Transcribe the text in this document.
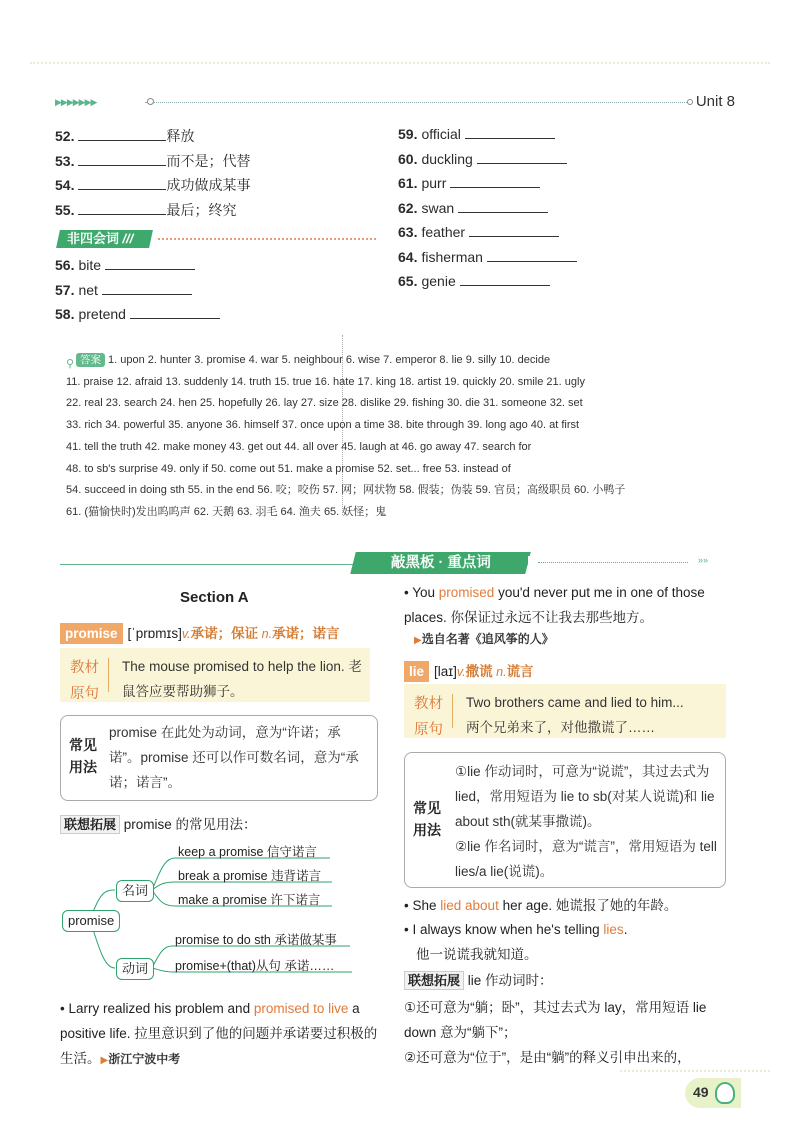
▶▶▶▶▶▶▶	Unit 8
52.	释放
53.	而不是；代替
54.	成功做成某事
55.	最后；终究
非四会词 ///
56. bite
57. net
58. pretend
59. official
60. duckling
61. purr
62. swan
63. feather
64. fisherman
65. genie
⚲ 答案 1. upon 2. hunter 3. promise 4. war 5. neighbour 6. wise 7. emperor 8. lie 9. silly 10. decide
11. praise 12. afraid 13. suddenly 14. truth 15. true 16. hate 17. king 18. artist 19. quickly 20. smile 21. ugly
22. real 23. search 24. hen 25. hopefully 26. lay 27. size 28. dislike 29. fishing 30. die 31. someone 32. set
33. rich 34. powerful 35. anyone 36. himself 37. once upon a time 38. bite through 39. long ago 40. at first
41. tell the truth 42. make money 43. get out 44. all over 45. laugh at 46. go away 47. search for
48. to sb's surprise 49. only if 50. come out 51. make a promise 52. set... free 53. instead of
54. succeed in doing sth 55. in the end 56. 咬；咬伤 57. 网；网状物 58. 假装；伪装 59. 官员；高级职员 60. 小鸭子
61. (猫愉快时)发出呜呜声 62. 天鹅 63. 羽毛 64. 渔夫 65. 妖怪；鬼
敲黑板 · 重点词	»»
Section A
promise [ˈprɒmɪs]v.承诺；保证 n.承诺；诺言
教材原句
The mouse promised to help the lion. 老鼠答应要帮助狮子。
常见用法
promise 在此处为动词，意为“许诺；承诺”。promise 还可以作可数名词，意为“承诺；诺言”。
联想拓展 promise 的常见用法：
promise
名词
动词
keep a promise 信守诺言
break a promise 违背诺言
make a promise 许下诺言
promise to do sth 承诺做某事
promise+(that)从句 承诺……
• Larry realized his problem and promised to live a positive life. 拉里意识到了他的问题并承诺要过积极的生活。▶浙江宁波中考
• You promised you'd never put me in one of those places. 你保证过永远不让我去那些地方。
▶选自名著《追风筝的人》
lie [laɪ]v.撒谎 n.谎言
教材原句
Two brothers came and lied to him...
两个兄弟来了，对他撒谎了……
常见用法
①lie 作动词时，可意为“说谎”，其过去式为 lied，常用短语为 lie to sb(对某人说谎)和 lie about sth(就某事撒谎)。
②lie 作名词时，意为“谎言”，常用短语为 tell lies/a lie(说谎)。
• She lied about her age. 她谎报了她的年龄。
• I always know when he's telling lies.
他一说谎我就知道。
联想拓展 lie 作动词时：
①还可意为“躺；卧”，其过去式为 lay，常用短语 lie down 意为“躺下”；
②还可意为“位于”，是由“躺”的释义引申出来的，
49
